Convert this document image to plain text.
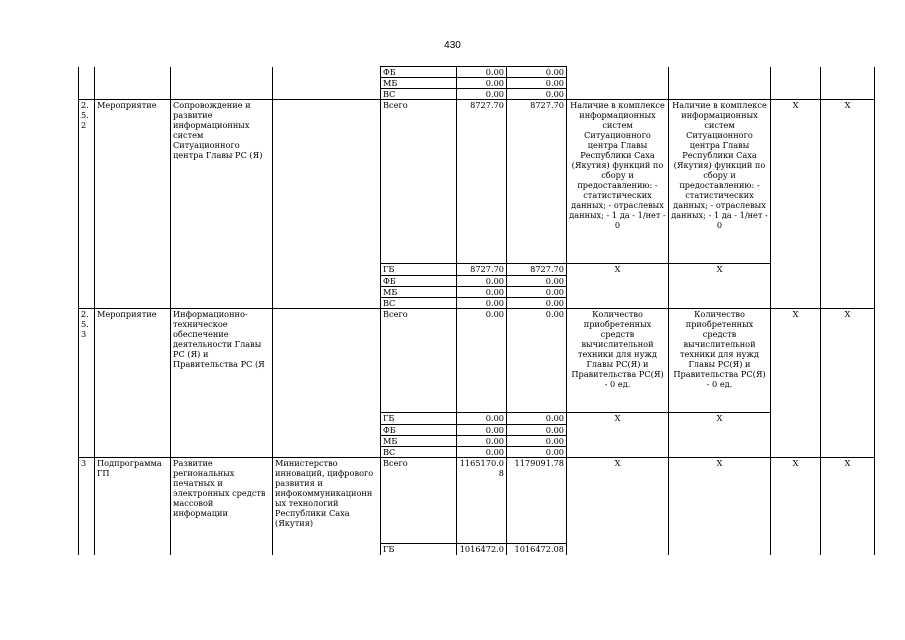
430
				ФБ	0.00	0.00				
				МБ	0.00	0.00				
				ВС	0.00	0.00				
2.5. 2	Мероприятие	Сопровождение и развитие информационных систем Ситуационного центра Главы РС (Я)		Всего	8727.70	8727.70	Наличие в комплексе информационных систем Ситуационного центра Главы Республики Саха (Якутия) функций по сбору и предоставлению: - статистических данных; - отраслевых данных; - 1 да - 1/нет - 0	Наличие в комплексе информационных систем Ситуационного центра Главы Республики Саха (Якутия) функций по сбору и предоставлению: - статистических данных; - отраслевых данных; - 1 да - 1/нет - 0	X	X
				ГБ	8727.70	8727.70	X	X		
				ФБ	0.00	0.00				
				МБ	0.00	0.00				
				ВС	0.00	0.00				
2.5. 3	Мероприятие	Информационно-техническое обеспечение деятельности Главы РС (Я) и Правительства РС (Я		Всего	0.00	0.00	Количество приобретенных средств вычислительной техники для нужд Главы РС(Я) и Правительства РС(Я) - 0 ед.	Количество приобретенных средств вычислительной техники для нужд Главы РС(Я) и Правительства РС(Я) - 0 ед.	X	X
				ГБ	0.00	0.00	X	X		
				ФБ	0.00	0.00				
				МБ	0.00	0.00				
				ВС	0.00	0.00				
3	Подпрограмма ГП	Развитие региональных печатных и электронных средств массовой информации	Министерство инноваций, цифрового развития и инфокоммуникационн ых технологий Республики Саха (Якутия)	Всего	1165170.0 8	1179091.78	X	X	X	X
				ГБ	1016472.0	1016472.08				
